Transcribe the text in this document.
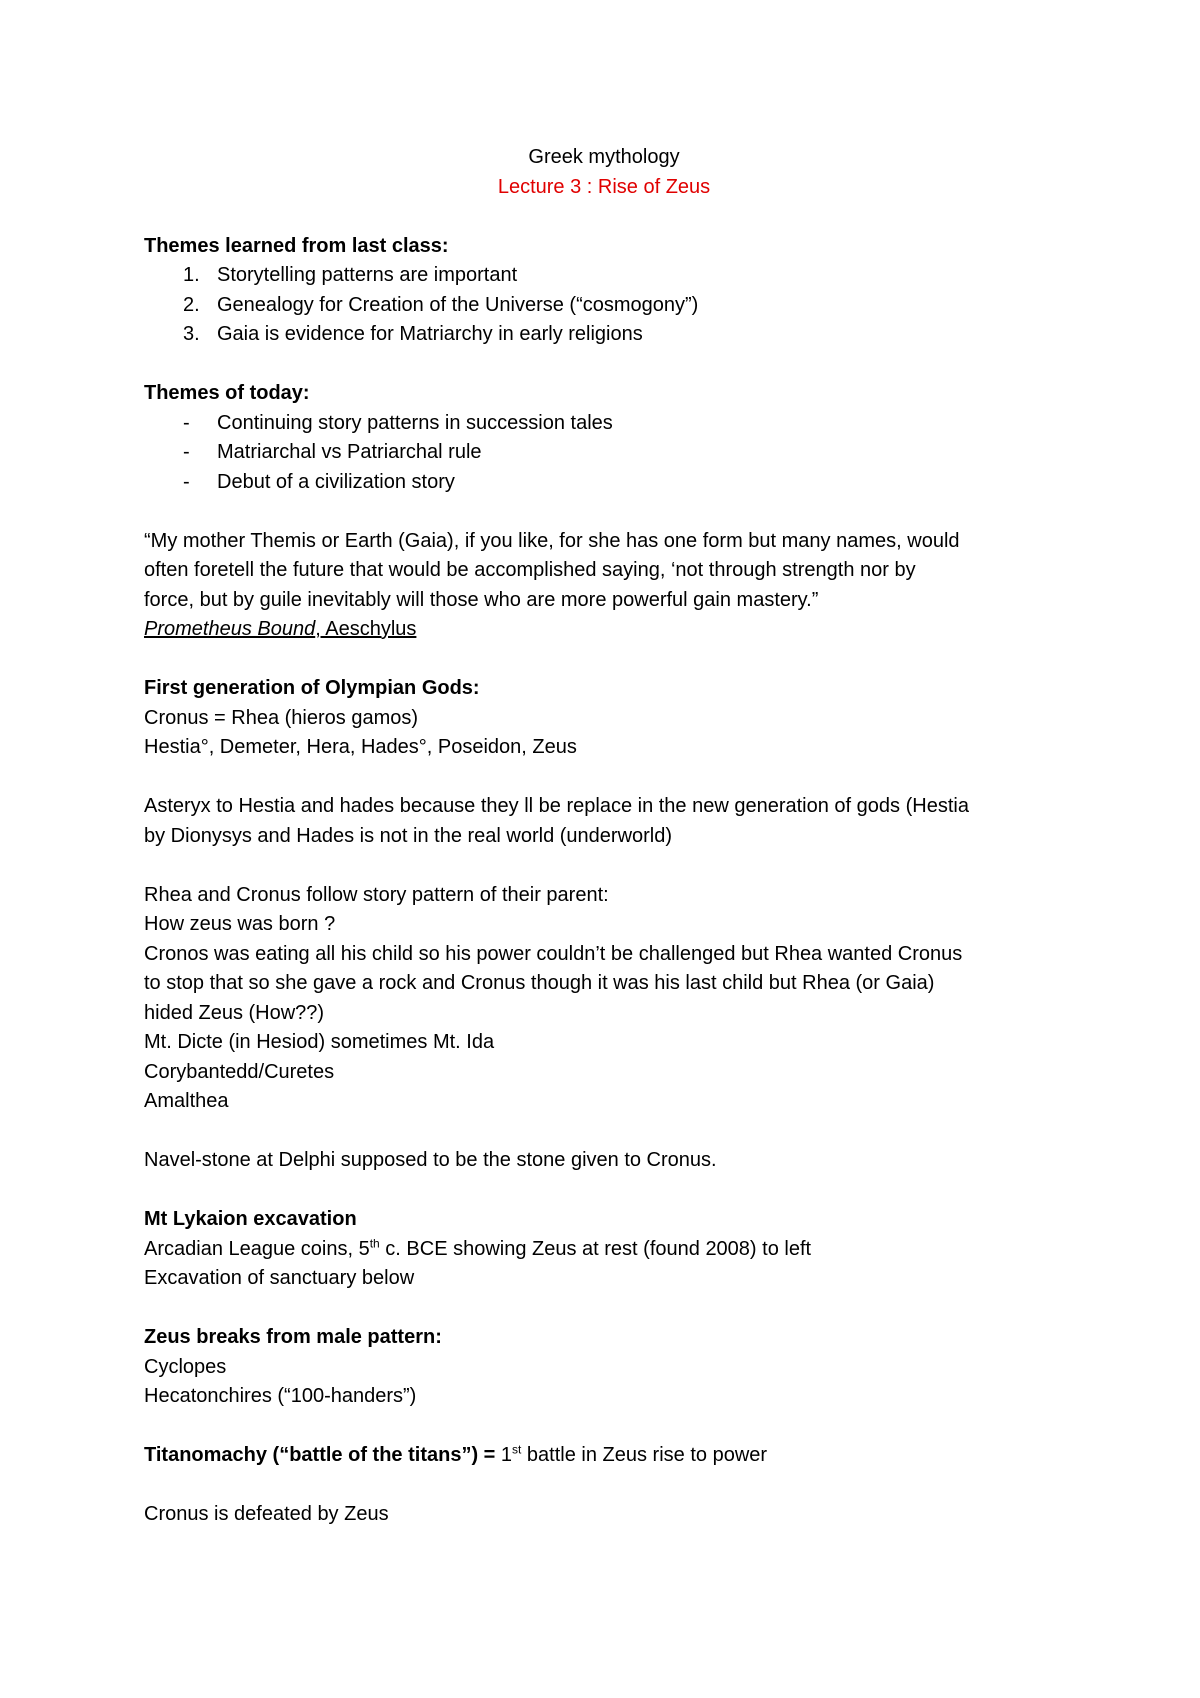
Greek mythology
Lecture 3 : Rise of Zeus
Themes learned from last class:
1. Storytelling patterns are important
2. Genealogy for Creation of the Universe (“cosmogony”)
3. Gaia is evidence for Matriarchy in early religions
Themes of today:
- Continuing story patterns in succession tales
- Matriarchal vs Patriarchal rule
- Debut of a civilization story
“My mother Themis or Earth (Gaia), if you like, for she has one form but many names, would
often foretell the future that would be accomplished saying, ‘not through strength nor by
force, but by guile inevitably will those who are more powerful gain mastery.”
Prometheus Bound, Aeschylus
First generation of Olympian Gods:
Cronus = Rhea (hieros gamos)
Hestia°, Demeter, Hera, Hades°, Poseidon, Zeus
Asteryx to Hestia and hades because they ll be replace in the new generation of gods (Hestia
by Dionysys and Hades is not in the real world (underworld)
Rhea and Cronus follow story pattern of their parent:
How zeus was born ?
Cronos was eating all his child so his power couldn’t be challenged but Rhea wanted Cronus
to stop that so she gave a rock and Cronus though it was his last child but Rhea (or Gaia)
hided Zeus (How??)
Mt. Dicte (in Hesiod) sometimes Mt. Ida
Corybantedd/Curetes
Amalthea
Navel-stone at Delphi supposed to be the stone given to Cronus.
Mt Lykaion excavation
Arcadian League coins, 5th c. BCE showing Zeus at rest (found 2008) to left
Excavation of sanctuary below
Zeus breaks from male pattern:
Cyclopes
Hecatonchires (“100-handers”)
Titanomachy (“battle of the titans”) = 1st battle in Zeus rise to power
Cronus is defeated by Zeus
